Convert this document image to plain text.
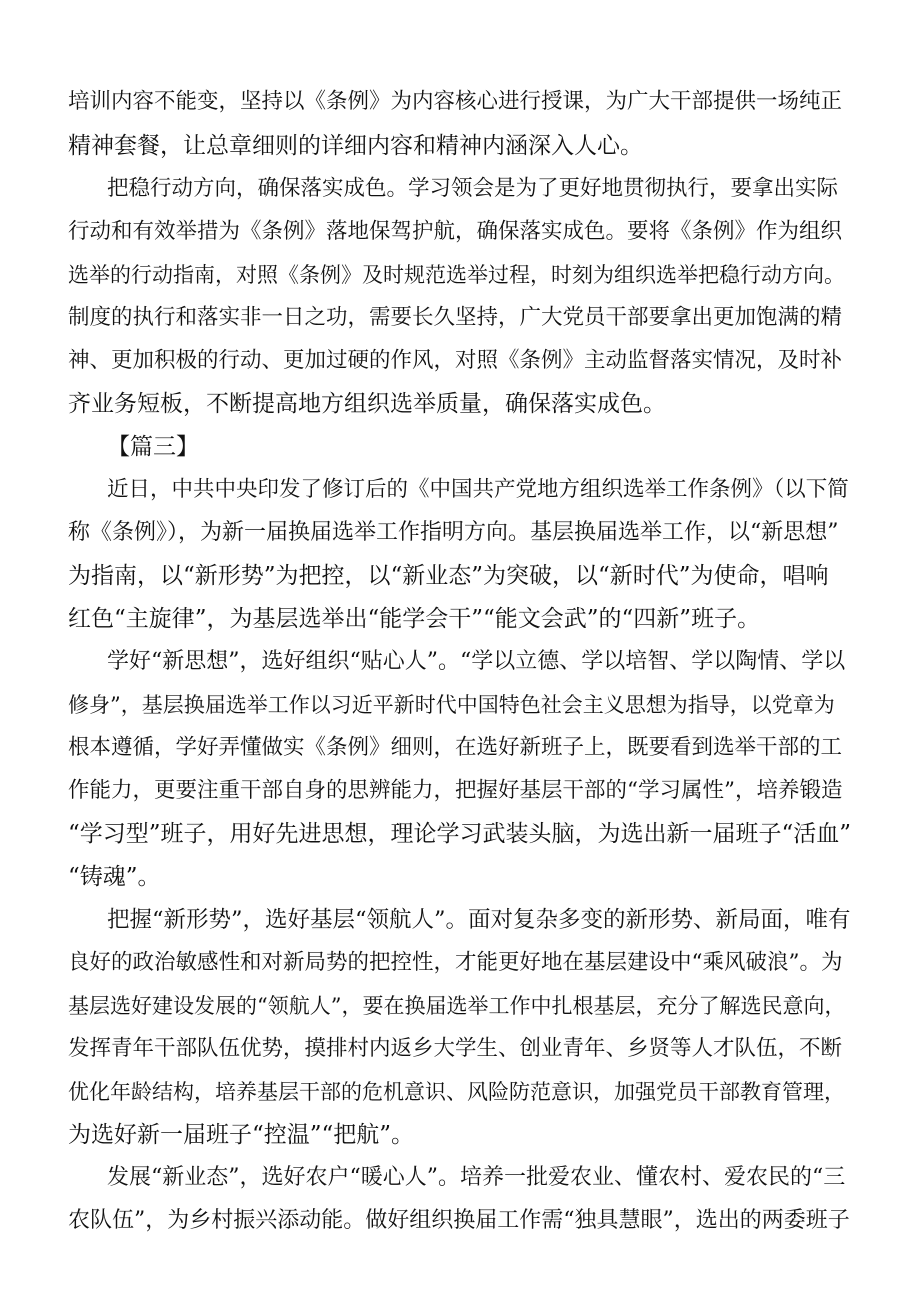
培训内容不能变，坚持以《条例》为内容核心进行授课，为广大干部提供一场纯正
精神套餐，让总章细则的详细内容和精神内涵深入人心。
把稳行动方向，确保落实成色。学习领会是为了更好地贯彻执行，要拿出实际
行动和有效举措为《条例》落地保驾护航，确保落实成色。要将《条例》作为组织
选举的行动指南，对照《条例》及时规范选举过程，时刻为组织选举把稳行动方向。
制度的执行和落实非一日之功，需要长久坚持，广大党员干部要拿出更加饱满的精
神、更加积极的行动、更加过硬的作风，对照《条例》主动监督落实情况，及时补
齐业务短板，不断提高地方组织选举质量，确保落实成色。
【篇三】
近日，中共中央印发了修订后的《中国共产党地方组织选举工作条例》（以下简
称《条例》），为新一届换届选举工作指明方向。基层换届选举工作，以“新思想”
为指南，以“新形势”为把控，以“新业态”为突破，以“新时代”为使命，唱响
红色“主旋律”，为基层选举出“能学会干”“能文会武”的“四新”班子。
学好“新思想”，选好组织“贴心人”。“学以立德、学以培智、学以陶情、学以
修身”，基层换届选举工作以习近平新时代中国特色社会主义思想为指导，以党章为
根本遵循，学好弄懂做实《条例》细则，在选好新班子上，既要看到选举干部的工
作能力，更要注重干部自身的思辨能力，把握好基层干部的“学习属性”，培养锻造
“学习型”班子，用好先进思想，理论学习武装头脑，为选出新一届班子“活血”
“铸魂”。
把握“新形势”，选好基层“领航人”。面对复杂多变的新形势、新局面，唯有
良好的政治敏感性和对新局势的把控性，才能更好地在基层建设中“乘风破浪”。为
基层选好建设发展的“领航人”，要在换届选举工作中扎根基层，充分了解选民意向，
发挥青年干部队伍优势，摸排村内返乡大学生、创业青年、乡贤等人才队伍，不断
优化年龄结构，培养基层干部的危机意识、风险防范意识，加强党员干部教育管理，
为选好新一届班子“控温”“把航”。
发展“新业态”，选好农户“暖心人”。培养一批爱农业、懂农村、爱农民的“三
农队伍”，为乡村振兴添动能。做好组织换届工作需“独具慧眼”，选出的两委班子
